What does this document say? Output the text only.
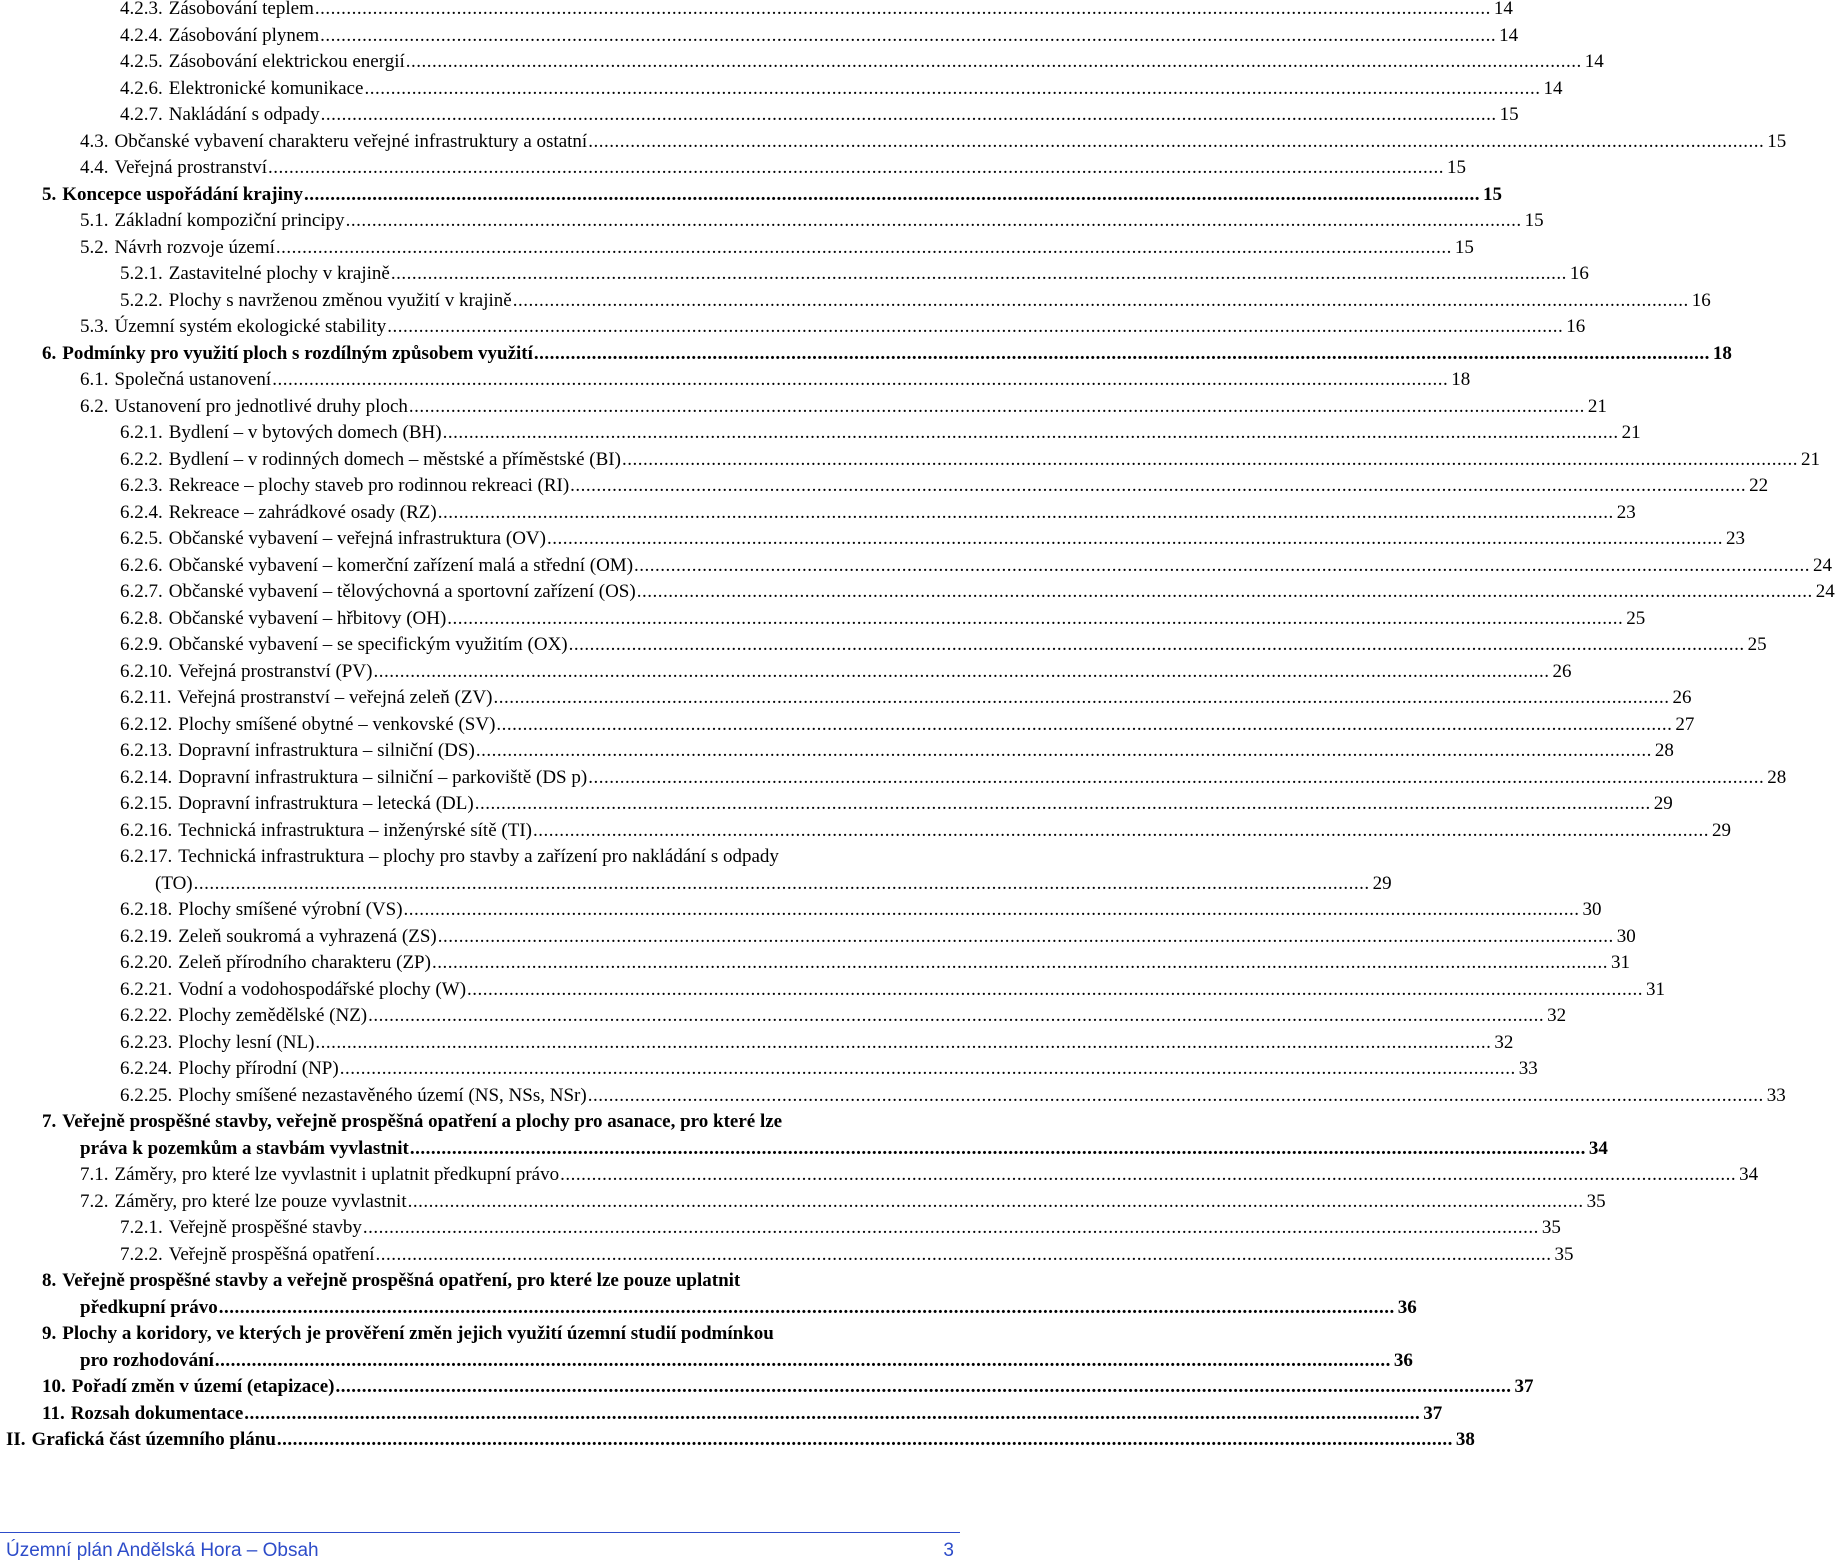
4.2.3. Zásobování teplem .....	14
4.2.4. Zásobování plynem .....	14
4.2.5. Zásobování elektrickou energií .....	14
4.2.6. Elektronické komunikace .....	14
4.2.7. Nakládání s odpady .....	15
4.3. Občanské vybavení charakteru veřejné infrastruktury a ostatní .....	15
4.4. Veřejná prostranství .....	15
5. Koncepce uspořádání krajiny .....	15
5.1. Základní kompoziční principy .....	15
5.2. Návrh rozvoje území .....	15
5.2.1. Zastavitelné plochy v krajině .....	16
5.2.2. Plochy s navrženou změnou využití v krajině .....	16
5.3. Územní systém ekologické stability .....	16
6. Podmínky pro využití ploch s rozdílným způsobem využití .....	18
6.1. Společná ustanovení .....	18
6.2. Ustanovení pro jednotlivé druhy ploch .....	21
6.2.1. Bydlení – v bytových domech (BH) .....	21
6.2.2. Bydlení – v rodinných domech – městské a příměstské (BI) .....	21
6.2.3. Rekreace – plochy staveb pro rodinnou rekreaci (RI) .....	22
6.2.4. Rekreace – zahrádkové osady (RZ) .....	23
6.2.5. Občanské vybavení – veřejná infrastruktura (OV) .....	23
6.2.6. Občanské vybavení – komerční zařízení malá a střední (OM) .....	24
6.2.7. Občanské vybavení – tělovýchovná a sportovní zařízení (OS) .....	24
6.2.8. Občanské vybavení – hřbitovy (OH) .....	25
6.2.9. Občanské vybavení – se specifickým využitím (OX) .....	25
6.2.10. Veřejná prostranství (PV) .....	26
6.2.11. Veřejná prostranství – veřejná zeleň (ZV) .....	26
6.2.12. Plochy smíšené obytné – venkovské (SV) .....	27
6.2.13. Dopravní infrastruktura – silniční (DS) .....	28
6.2.14. Dopravní infrastruktura – silniční – parkoviště (DS p) .....	28
6.2.15. Dopravní infrastruktura – letecká (DL) .....	29
6.2.16. Technická infrastruktura – inženýrské sítě (TI) .....	29
6.2.17. Technická infrastruktura – plochy pro stavby a zařízení pro nakládání s odpady
(TO) .....	29
6.2.18. Plochy smíšené výrobní (VS) .....	30
6.2.19. Zeleň soukromá a vyhrazená (ZS) .....	30
6.2.20. Zeleň přírodního charakteru (ZP) .....	31
6.2.21. Vodní a vodohospodářské plochy (W) .....	31
6.2.22. Plochy zemědělské (NZ) .....	32
6.2.23. Plochy lesní (NL) .....	32
6.2.24. Plochy přírodní (NP) .....	33
6.2.25. Plochy smíšené nezastavěného území (NS, NSs, NSr) .....	33
7. Veřejně prospěšné stavby, veřejně prospěšná opatření a plochy pro asanace, pro které lze
práva k pozemkům a stavbám vyvlastnit .....	34
7.1. Záměry, pro které lze vyvlastnit i uplatnit předkupní právo .....	34
7.2. Záměry, pro které lze pouze vyvlastnit .....	35
7.2.1. Veřejně prospěšné stavby .....	35
7.2.2. Veřejně prospěšná opatření .....	35
8. Veřejně prospěšné stavby a veřejně prospěšná opatření, pro které lze pouze uplatnit
předkupní právo .....	36
9. Plochy a koridory, ve kterých je prověření změn jejich využití územní studií podmínkou
pro rozhodování .....	36
10. Pořadí změn v území (etapizace) .....	37
11. Rozsah dokumentace .....	37
II. Grafická část územního plánu .....	38
Územní plán Andělská Hora – Obsah	3
